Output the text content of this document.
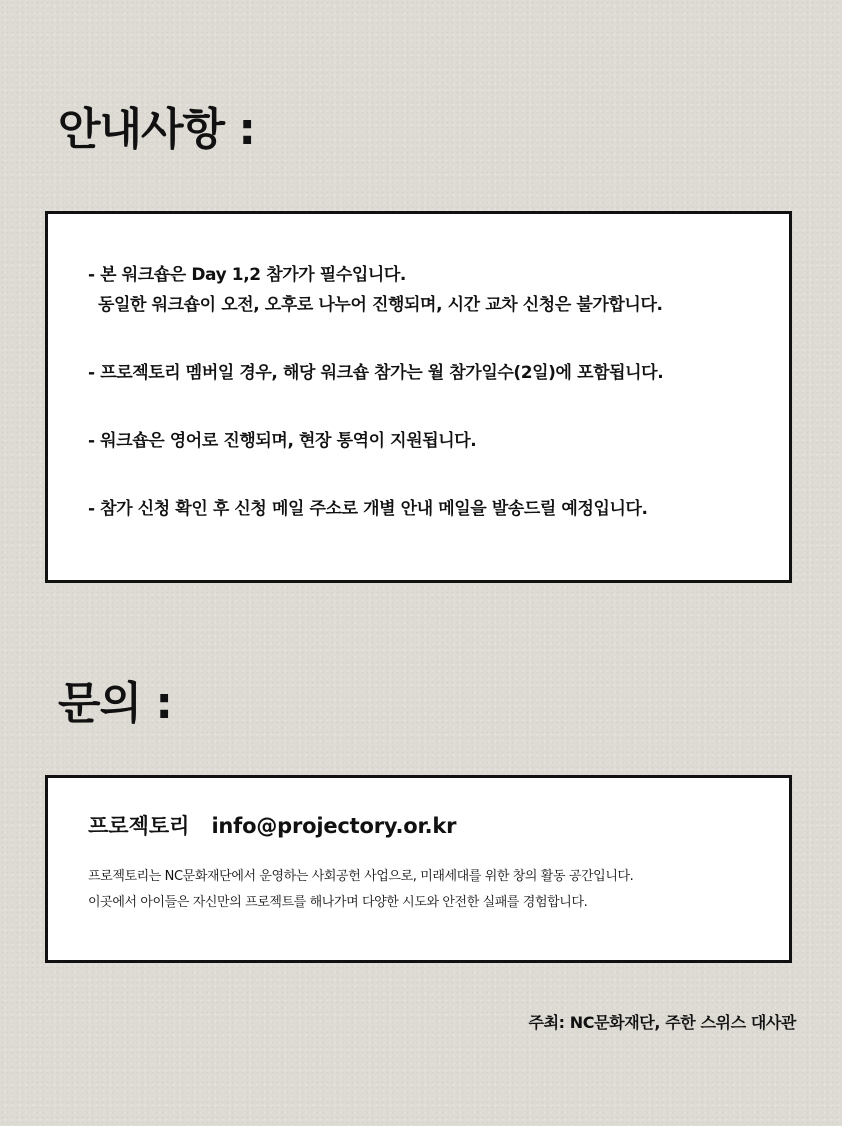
안내사항 :

- 본 워크숍은 Day 1,2 참가가 필수입니다.
동일한 워크숍이 오전, 오후로 나누어 진행되며, 시간 교차 신청은 불가합니다.

- 프로젝토리 멤버일 경우, 해당 워크숍 참가는 월 참가일수(2일)에 포함됩니다.

- 워크숍은 영어로 진행되며, 현장 통역이 지원됩니다.

- 참가 신청 확인 후 신청 메일 주소로 개별 안내 메일을 발송드릴 예정입니다.

문의 :

프로젝토리 info@projectory.or.kr

프로젝토리는 NC문화재단에서 운영하는 사회공헌 사업으로, 미래세대를 위한 창의 활동 공간입니다.

이곳에서 아이들은 자신만의 프로젝트를 해나가며 다양한 시도와 안전한 실패를 경험합니다.

주최: NC문화재단, 주한 스위스 대사관
